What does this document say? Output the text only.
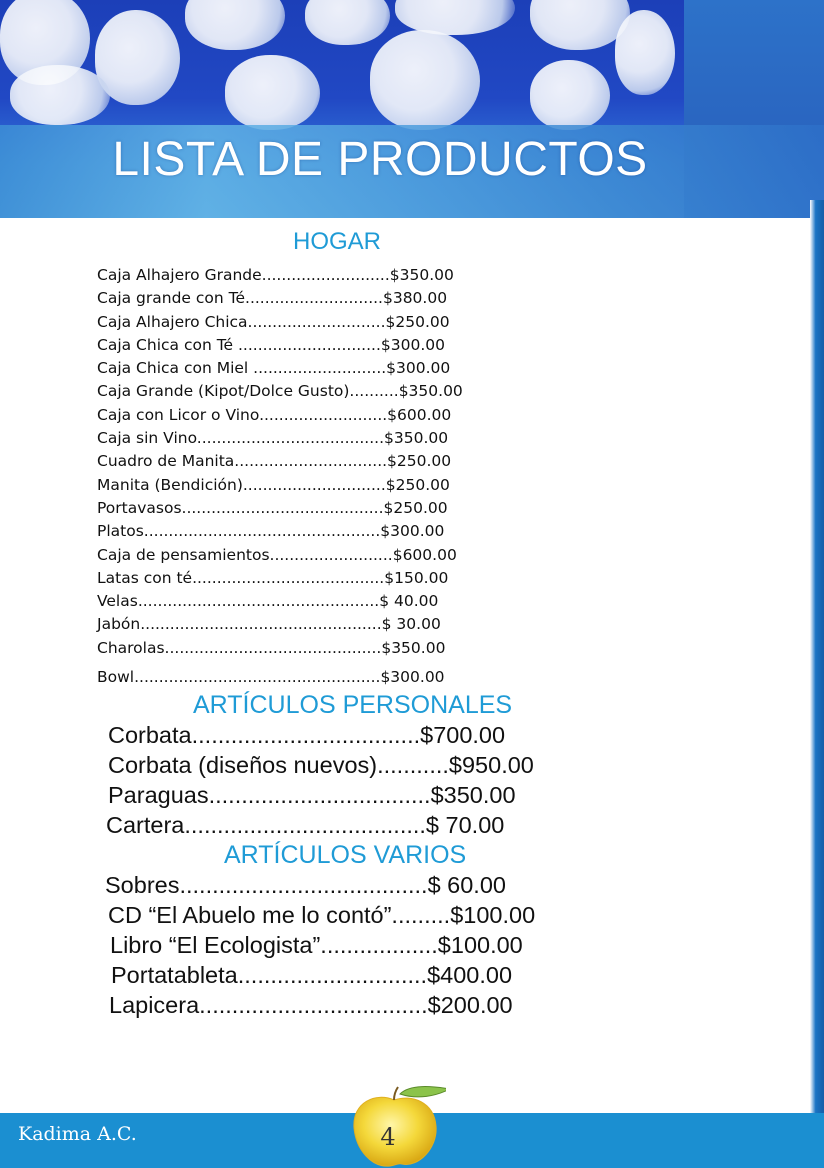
LISTA DE PRODUCTOS
HOGAR
Caja Alhajero Grande..........................$350.00
Caja grande con Té............................$380.00
Caja Alhajero Chica............................$250.00
Caja Chica con Té .............................$300.00
Caja Chica con Miel ...........................$300.00
Caja Grande (Kipot/Dolce Gusto)..........$350.00
Caja con Licor o Vino..........................$600.00
Caja sin Vino......................................$350.00
Cuadro de Manita...............................$250.00
Manita (Bendición).............................$250.00
Portavasos.........................................$250.00
Platos................................................$300.00
Caja de pensamientos.........................$600.00
Latas con té.......................................$150.00
Velas.................................................$ 40.00
Jabón.................................................$ 30.00
Charolas............................................$350.00
Bowl..................................................$300.00
ARTÍCULOS PERSONALES
Corbata...................................$700.00
Corbata (diseños nuevos)...........$950.00
Paraguas..................................$350.00
Cartera.....................................$ 70.00
ARTÍCULOS VARIOS
Sobres......................................$ 60.00
CD “El Abuelo me lo contó”.........$100.00
Libro “El Ecologista”..................$100.00
Portatableta.............................$400.00
Lapicera...................................$200.00
Kadima A.C.	4
